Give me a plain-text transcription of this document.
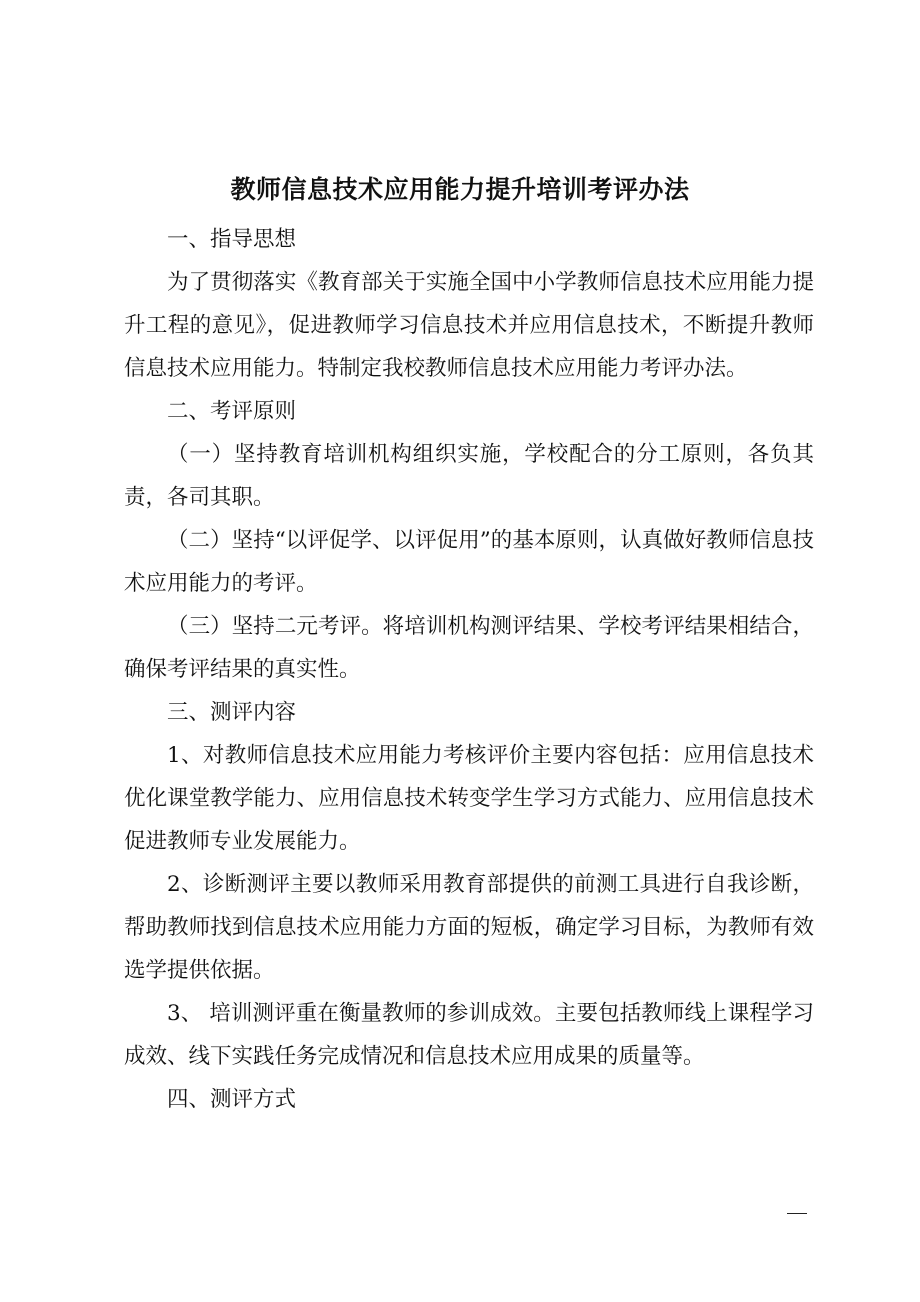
教师信息技术应用能力提升培训考评办法

一、指导思想

为了贯彻落实《教育部关于实施全国中小学教师信息技术应用能力提升工程的意见》，促进教师学习信息技术并应用信息技术，不断提升教师信息技术应用能力。特制定我校教师信息技术应用能力考评办法。

二、考评原则

（一）坚持教育培训机构组织实施，学校配合的分工原则，各负其责，各司其职。

（二）坚持“以评促学、以评促用”的基本原则，认真做好教师信息技术应用能力的考评。

（三）坚持二元考评。将培训机构测评结果、学校考评结果相结合，确保考评结果的真实性。

三、测评内容

1、对教师信息技术应用能力考核评价主要内容包括：应用信息技术优化课堂教学能力、应用信息技术转变学生学习方式能力、应用信息技术促进教师专业发展能力。

2、诊断测评主要以教师采用教育部提供的前测工具进行自我诊断，帮助教师找到信息技术应用能力方面的短板，确定学习目标，为教师有效选学提供依据。

3、 培训测评重在衡量教师的参训成效。主要包括教师线上课程学习成效、线下实践任务完成情况和信息技术应用成果的质量等。

四、测评方式
